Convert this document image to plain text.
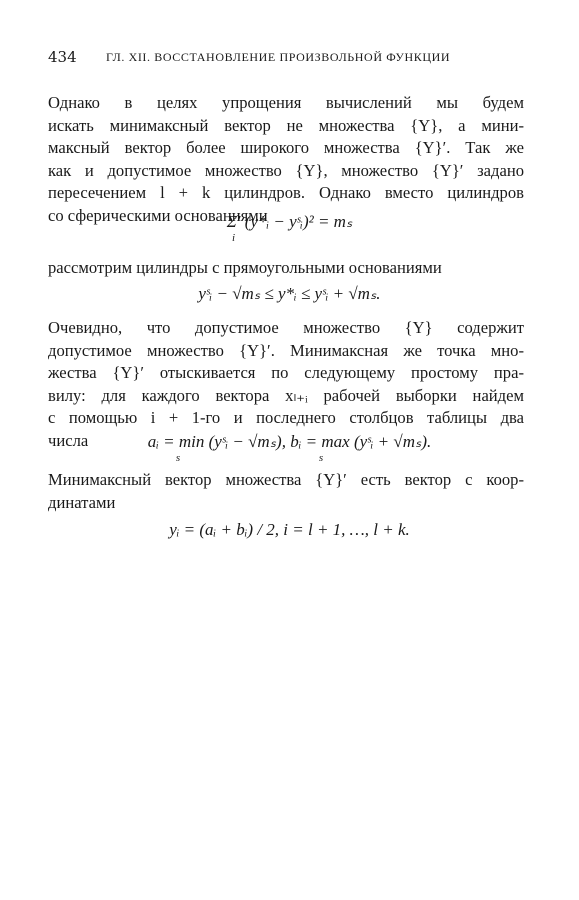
434 ГЛ. XII. ВОССТАНОВЛЕНИЕ ПРОИЗВОЛЬНОЙ ФУНКЦИИ
Однако в целях упрощения вычислений мы будем
искать минимаксный вектор не множества {Y}, а мини-
максный вектор более широкого множества {Y}′. Так же
как и допустимое множество {Y}, множество {Y}′ задано
пересечением l + k цилиндров. Однако вместо цилиндров
со сферическими основаниями
Σ′ (y*ᵢ − yˢᵢ)² = mₛ
i
рассмотрим цилиндры с прямоугольными основаниями
yˢᵢ − √mₛ ≤ y*ᵢ ≤ yˢᵢ + √mₛ.
Очевидно, что допустимое множество {Y} содержит
допустимое множество {Y}′. Минимаксная же точка мно-
жества {Y}′ отыскивается по следующему простому пра-
вилу: для каждого вектора xₗ₊ᵢ рабочей выборки найдем
с помощью i + 1-го и последнего столбцов таблицы два
числа	aᵢ = min (yˢᵢ − √mₛ), bᵢ = max (yˢᵢ + √mₛ).
s	s
Минимаксный вектор множества {Y}′ есть вектор с коор-
динатами
yᵢ = (aᵢ + bᵢ) / 2, i = l + 1, …, l + k.
